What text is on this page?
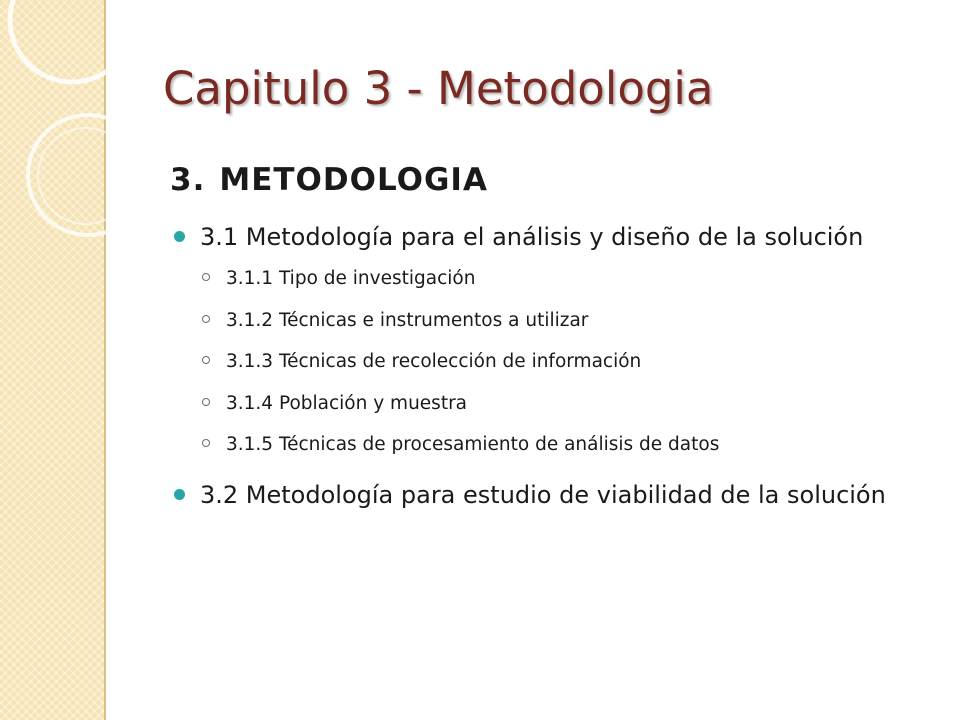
Capitulo 3 - Metodologia
3. METODOLOGIA
3.1 Metodología para el análisis y diseño de la solución
3.1.1 Tipo de investigación
3.1.2 Técnicas e instrumentos a utilizar
3.1.3 Técnicas de recolección de información
3.1.4 Población y muestra
3.1.5 Técnicas de procesamiento de análisis de datos
3.2 Metodología para estudio de viabilidad de la solución
